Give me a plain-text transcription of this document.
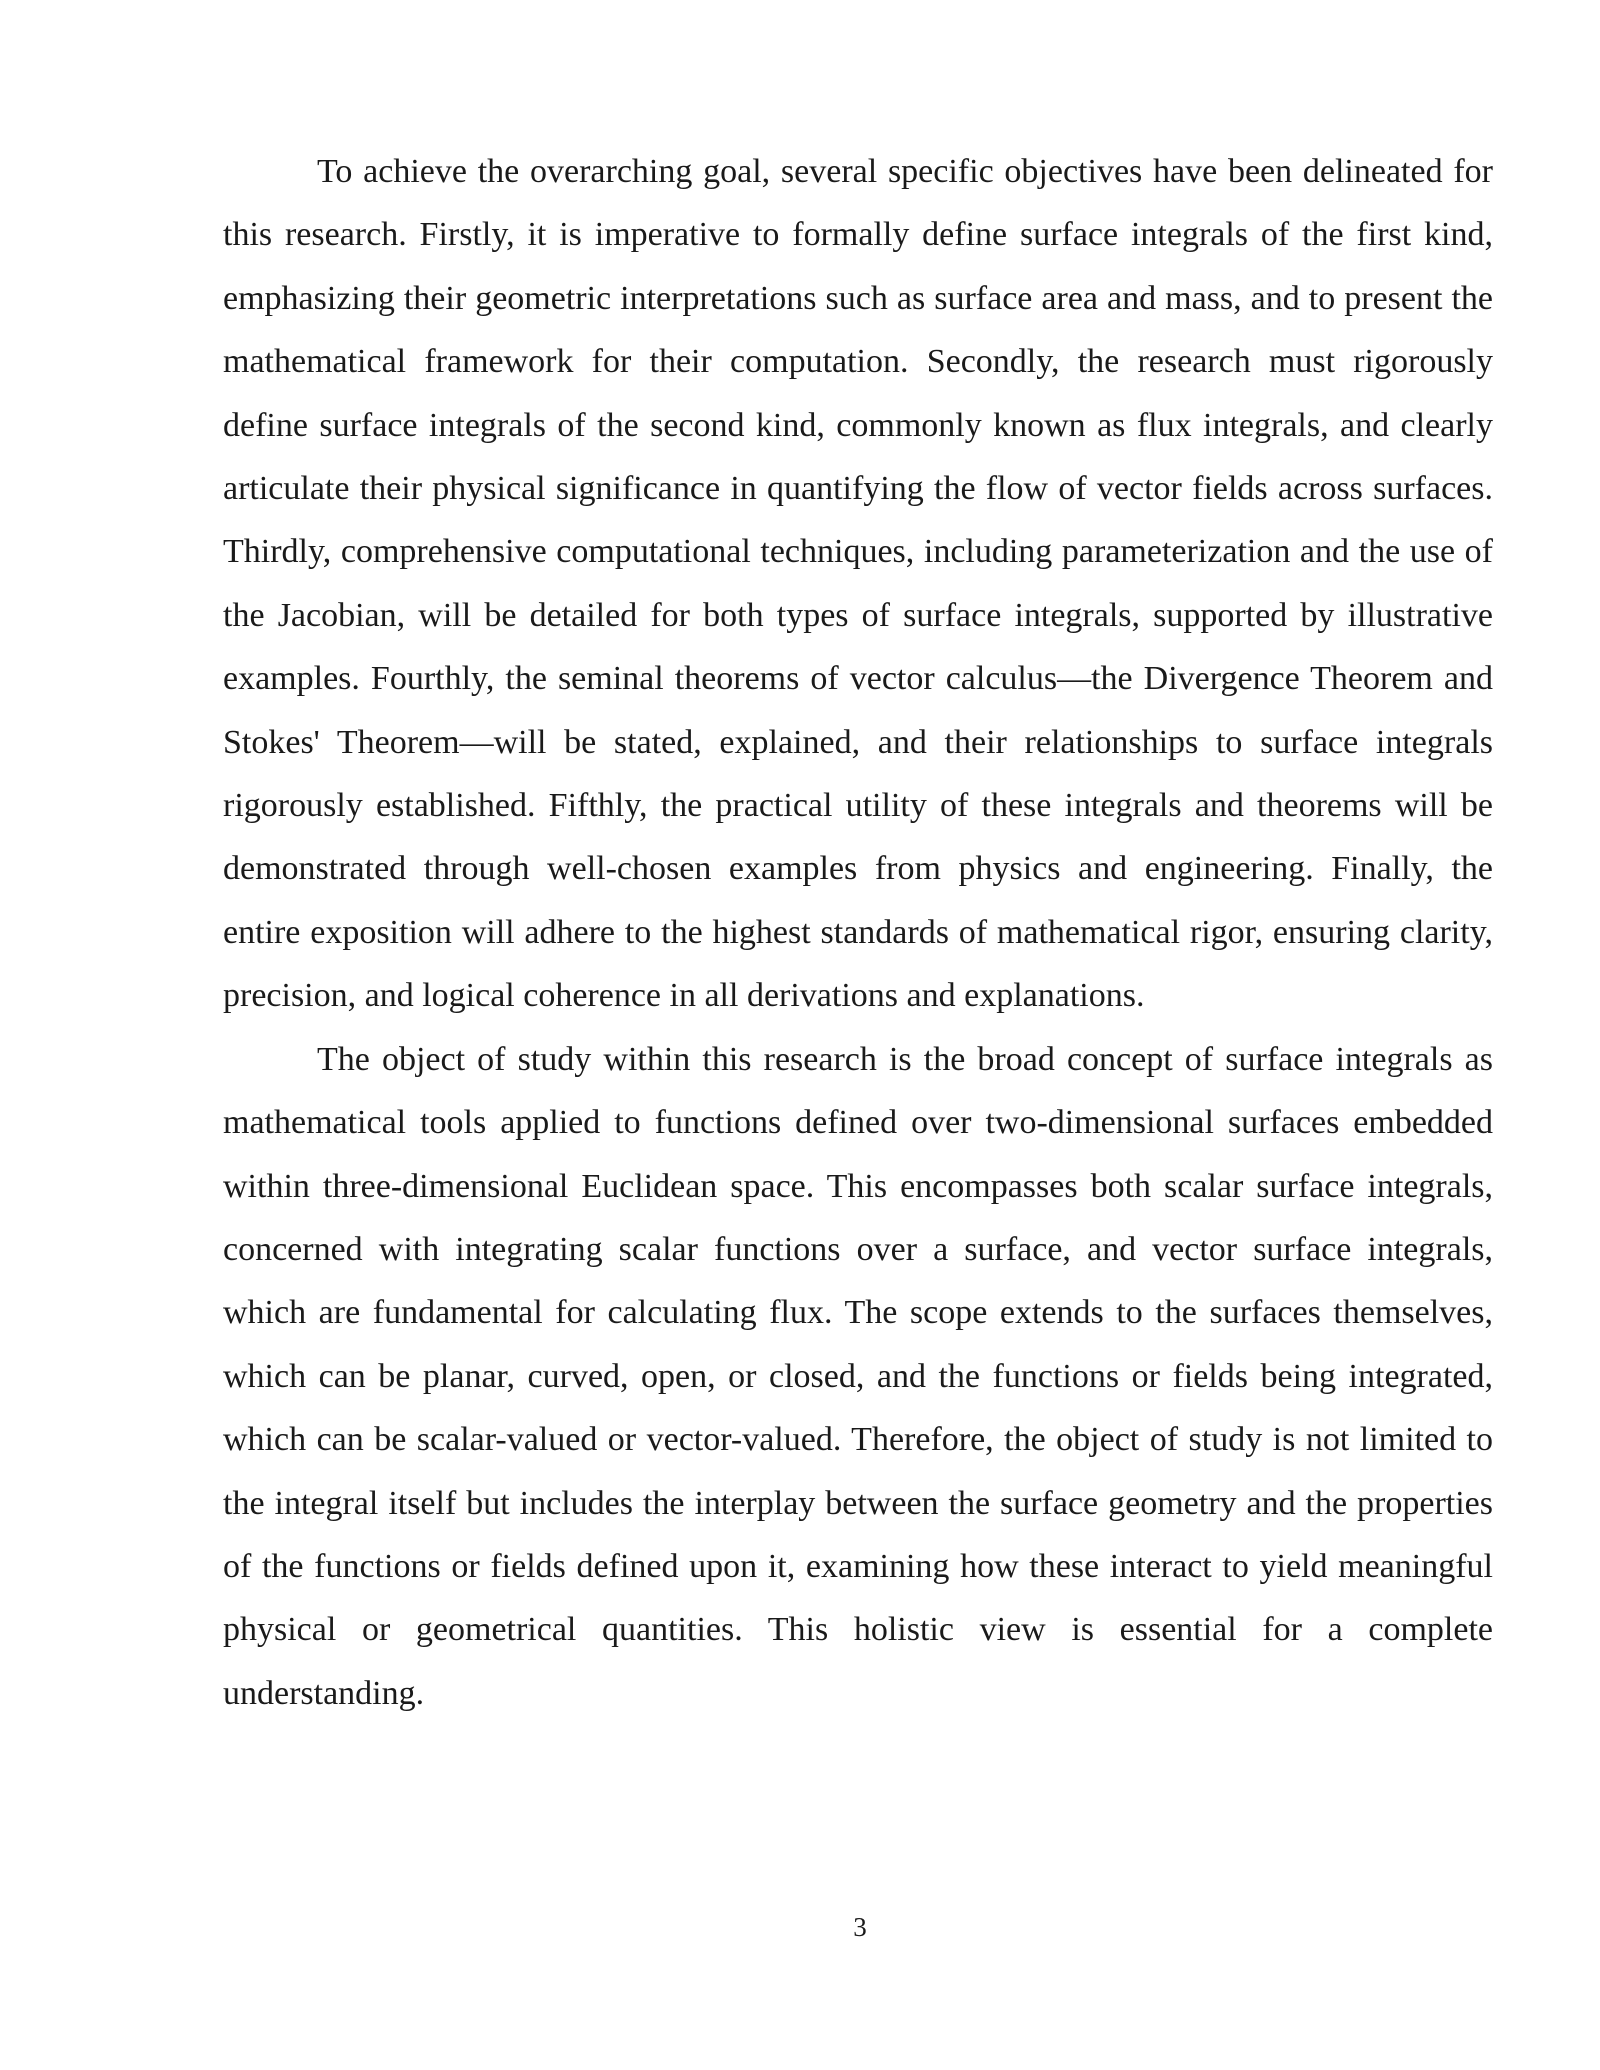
To achieve the overarching goal, several specific objectives have been delineated for this research. Firstly, it is imperative to formally define surface integrals of the first kind, emphasizing their geometric interpretations such as surface area and mass, and to present the mathematical framework for their computation. Secondly, the research must rigorously define surface integrals of the second kind, commonly known as flux integrals, and clearly articulate their physical significance in quantifying the flow of vector fields across surfaces. Thirdly, comprehensive computational techniques, including parameterization and the use of the Jacobian, will be detailed for both types of surface integrals, supported by illustrative examples. Fourthly, the seminal theorems of vector calculus—the Divergence Theorem and Stokes' Theorem—will be stated, explained, and their relationships to surface integrals rigorously established. Fifthly, the practical utility of these integrals and theorems will be demonstrated through well-chosen examples from physics and engineering. Finally, the entire exposition will adhere to the highest standards of mathematical rigor, ensuring clarity, precision, and logical coherence in all derivations and explanations.

The object of study within this research is the broad concept of surface integrals as mathematical tools applied to functions defined over two-dimensional surfaces embedded within three-dimensional Euclidean space. This encompasses both scalar surface integrals, concerned with integrating scalar functions over a surface, and vector surface integrals, which are fundamental for calculating flux. The scope extends to the surfaces themselves, which can be planar, curved, open, or closed, and the functions or fields being integrated, which can be scalar-valued or vector-valued. Therefore, the object of study is not limited to the integral itself but includes the interplay between the surface geometry and the properties of the functions or fields defined upon it, examining how these interact to yield meaningful physical or geometrical quantities. This holistic view is essential for a complete understanding.

3
